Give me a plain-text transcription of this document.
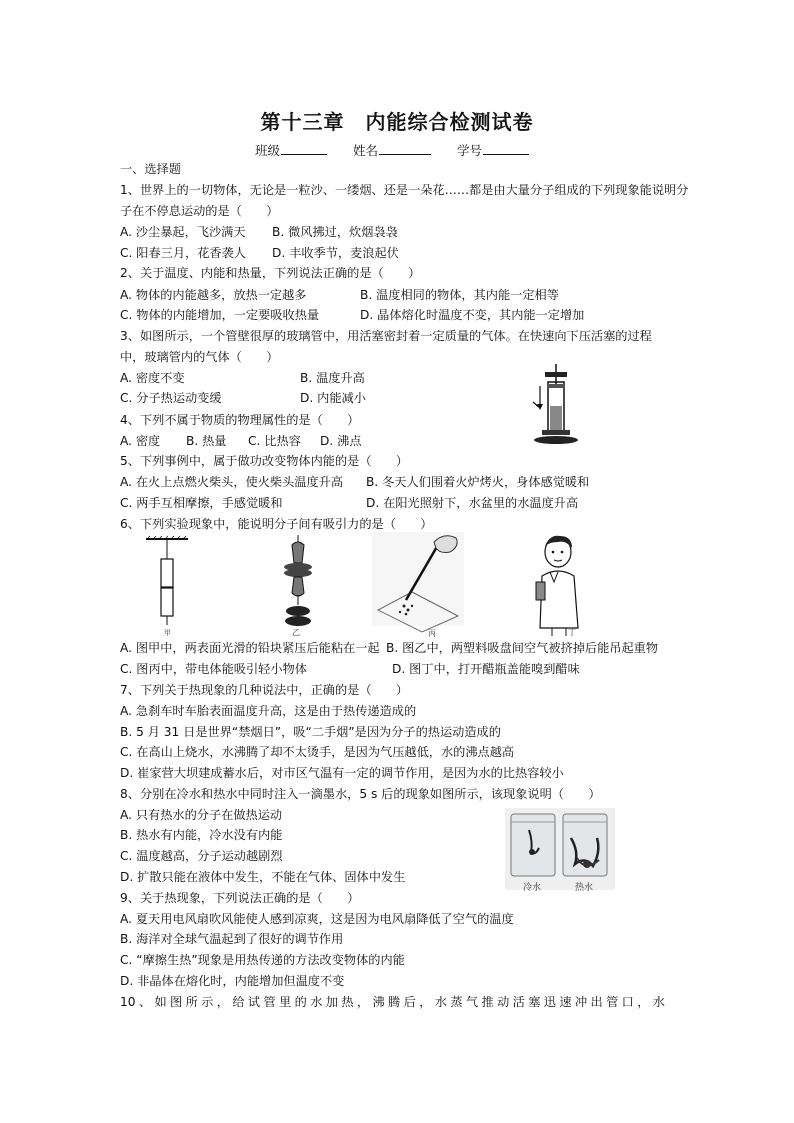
第十三章　内能综合检测试卷
班级	姓名	学号
一、选择题
1、世界上的一切物体，无论是一粒沙、一缕烟、还是一朵花……都是由大量分子组成的下列现象能说明分
子在不停息运动的是（　　）
A. 沙尘暴起，飞沙满天 B. 微风拂过，炊烟袅袅
C. 阳春三月，花香袭人 D. 丰收季节，麦浪起伏
2、关于温度、内能和热量，下列说法正确的是（　　）
A. 物体的内能越多，放热一定越多	B. 温度相同的物体，其内能一定相等
C. 物体的内能增加，一定要吸收热量	D. 晶体熔化时温度不变，其内能一定增加
3、如图所示，一个管壁很厚的玻璃管中，用活塞密封着一定质量的气体。在快速向下压活塞的过程
中，玻璃管内的气体（　　）
A. 密度不变	B. 温度升高
C. 分子热运动变缓	D. 内能减小
4、下列不属于物质的物理属性的是（　　）
A. 密度 B. 热量 C. 比热容 D. 沸点
5、下列事例中，属于做功改变物体内能的是（　　）
A. 在火上点燃火柴头，使火柴头温度升高 B. 冬天人们围着火炉烤火，身体感觉暖和
C. 两手互相摩擦，手感觉暖和	D. 在阳光照射下，水盆里的水温度升高
6、下列实验现象中，能说明分子间有吸引力的是（　　）
甲	乙	丙	丁
A. 图甲中，两表面光滑的铅块紧压后能粘在一起 B. 图乙中，两塑料吸盘间空气被挤掉后能吊起重物
C. 图丙中，带电体能吸引轻小物体	D. 图丁中，打开醋瓶盖能嗅到醋味
7、下列关于热现象的几种说法中，正确的是（　　）
A. 急刹车时车胎表面温度升高，这是由于热传递造成的
B. 5 月 31 日是世界“禁烟日”，吸“二手烟”是因为分子的热运动造成的
C. 在高山上烧水，水沸腾了却不太烫手，是因为气压越低，水的沸点越高
D. 崔家营大坝建成蓄水后，对市区气温有一定的调节作用，是因为水的比热容较小
8、分别在冷水和热水中同时注入一滴墨水，5 s 后的现象如图所示，该现象说明（　　）
A. 只有热水的分子在做热运动
B. 热水有内能，冷水没有内能
C. 温度越高，分子运动越剧烈
D. 扩散只能在液体中发生，不能在气体、固体中发生
冷水	热水
9、关于热现象，下列说法正确的是（　　）
A. 夏天用电风扇吹风能使人感到凉爽，这是因为电风扇降低了空气的温度
B. 海洋对全球气温起到了很好的调节作用
C. “摩擦生热”现象是用热传递的方法改变物体的内能
D. 非晶体在熔化时，内能增加但温度不变
10、如图所示，给试管里的水加热，沸腾后，水蒸气推动活塞迅速冲出管口，水
